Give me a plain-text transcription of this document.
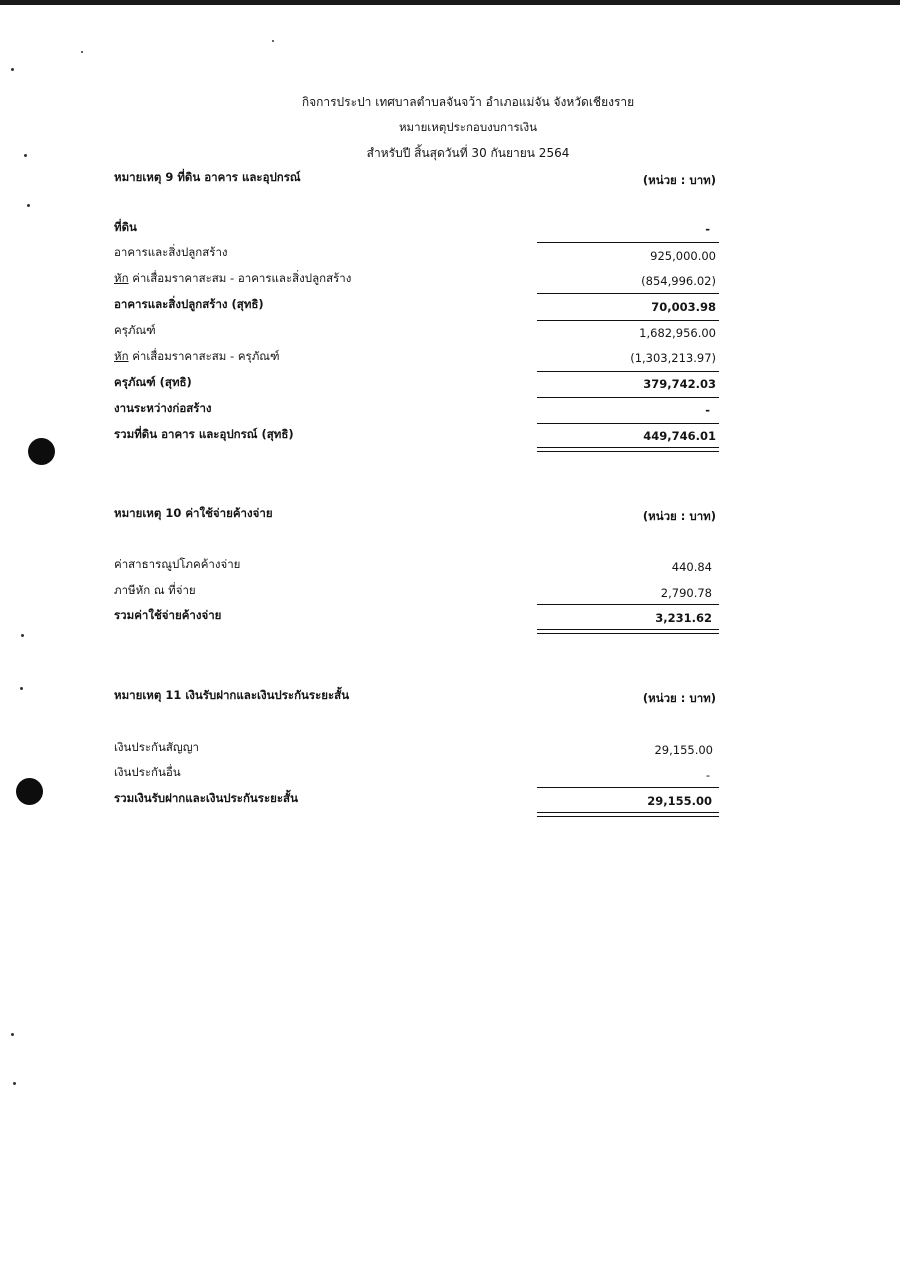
กิจการประปา เทศบาลตำบลจันจว้า อำเภอแม่จัน จังหวัดเชียงราย
หมายเหตุประกอบงบการเงิน
สำหรับปี สิ้นสุดวันที่ 30 กันยายน 2564
หมายเหตุ 9 ที่ดิน อาคาร และอุปกรณ์	(หน่วย : บาท)
ที่ดิน	-
อาคารและสิ่งปลูกสร้าง	925,000.00
หัก ค่าเสื่อมราคาสะสม - อาคารและสิ่งปลูกสร้าง	(854,996.02)
อาคารและสิ่งปลูกสร้าง (สุทธิ)	70,003.98
ครุภัณฑ์	1,682,956.00
หัก ค่าเสื่อมราคาสะสม - ครุภัณฑ์	(1,303,213.97)
ครุภัณฑ์ (สุทธิ)	379,742.03
งานระหว่างก่อสร้าง	-
รวมที่ดิน อาคาร และอุปกรณ์ (สุทธิ)	449,746.01
หมายเหตุ 10 ค่าใช้จ่ายค้างจ่าย	(หน่วย : บาท)
ค่าสาธารณูปโภคค้างจ่าย	440.84
ภาษีหัก ณ ที่จ่าย	2,790.78
รวมค่าใช้จ่ายค้างจ่าย	3,231.62
หมายเหตุ 11 เงินรับฝากและเงินประกันระยะสั้น	(หน่วย : บาท)
เงินประกันสัญญา	29,155.00
เงินประกันอื่น	-
รวมเงินรับฝากและเงินประกันระยะสั้น	29,155.00
